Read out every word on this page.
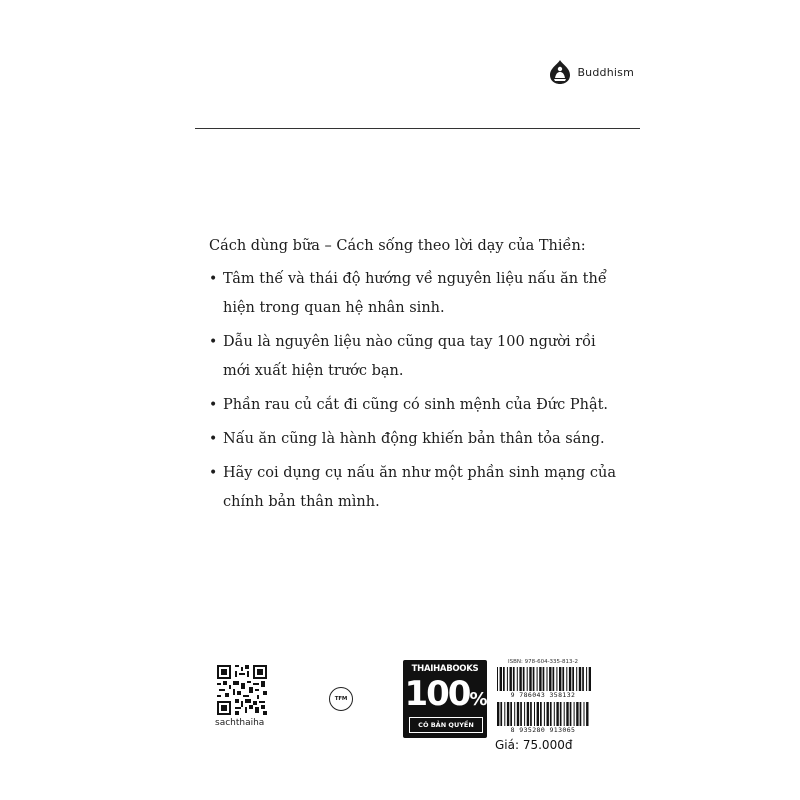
Buddhism
Cách dùng bữa – Cách sống theo lời dạy của Thiền:
• Tâm thế và thái độ hướng về nguyên liệu nấu ăn thể
hiện trong quan hệ nhân sinh.
• Dẫu là nguyên liệu nào cũng qua tay 100 người rồi
mới xuất hiện trước bạn.
• Phần rau củ cắt đi cũng có sinh mệnh của Đức Phật.
• Nấu ăn cũng là hành động khiến bản thân tỏa sáng.
• Hãy coi dụng cụ nấu ăn như một phần sinh mạng của
chính bản thân mình.
sachthaiha
TFM
THAIHABOOKS
100%
CÓ BẢN QUYỀN
ISBN: 978-604-335-813-2
9 786043 358132
8 935280 913065
Giá: 75.000đ
